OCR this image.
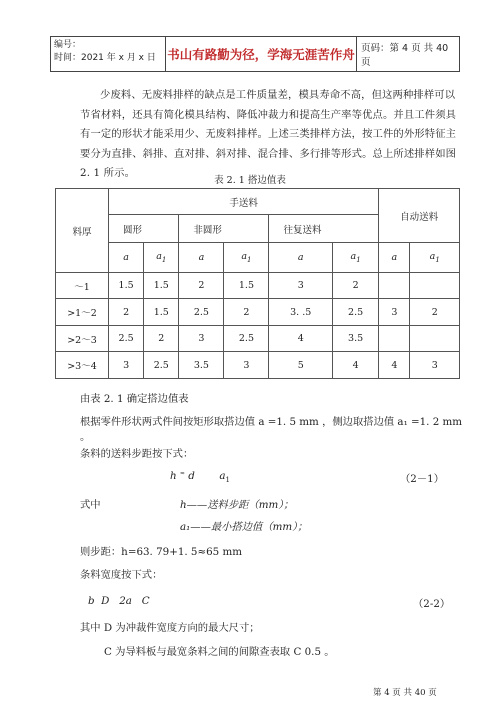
编号：
时间：2021 年 x 月 x 日 书山有路勤为径，学海无涯苦作舟 页码：第 4 页 共 40 页
少废料、无废料排样的缺点是工件质量差，模具寿命不高，但这两种排样可以节省材料，还具有简化模具结构、降低冲裁力和提高生产率等优点。并且工件须具有一定的形状才能采用少、无废料排样。上述三类排样方法，按工件的外形特征主要分为直排、斜排、直对排、斜对排、混合排、多行排等形式。总上所述排样如图 2. 1 所示。
表 2. 1 搭边值表
料厚	手送料						自动送料	
	圆形		非圆形		往复送料			
	a	$a_1$	a	$a_1$	a	$a_1$	a	$a_1$
～1	1.5	1.5	2	1.5	3	2		
>1～2	2	1.5	2.5	2	3. .5	2.5	3	2
>2～3	2.5	2	3	2.5	4	3.5		
>3～4	3	2.5	3.5	3	5	4	4	3
由表 2. 1 确定搭边值表
根据零件形状两式件间按矩形取搭边值 a =1. 5 mm ，侧边取搭边值 a₁ =1. 2 mm 。
条料的送料步距按下式：
h ≈ d $a_1$	（2－1）
式中	h——送料步距（mm）；
a₁——最小搭边值（mm）；
则步距：h=63. 79+1. 5≈65 mm
条料宽度按下式：
b  D   2a   C	（2-2）
其中 D 为冲裁件宽度方向的最大尺寸；
C 为导料板与最宽条料之间的间隙查表取 C 0.5 。
第 4 页 共 40 页
